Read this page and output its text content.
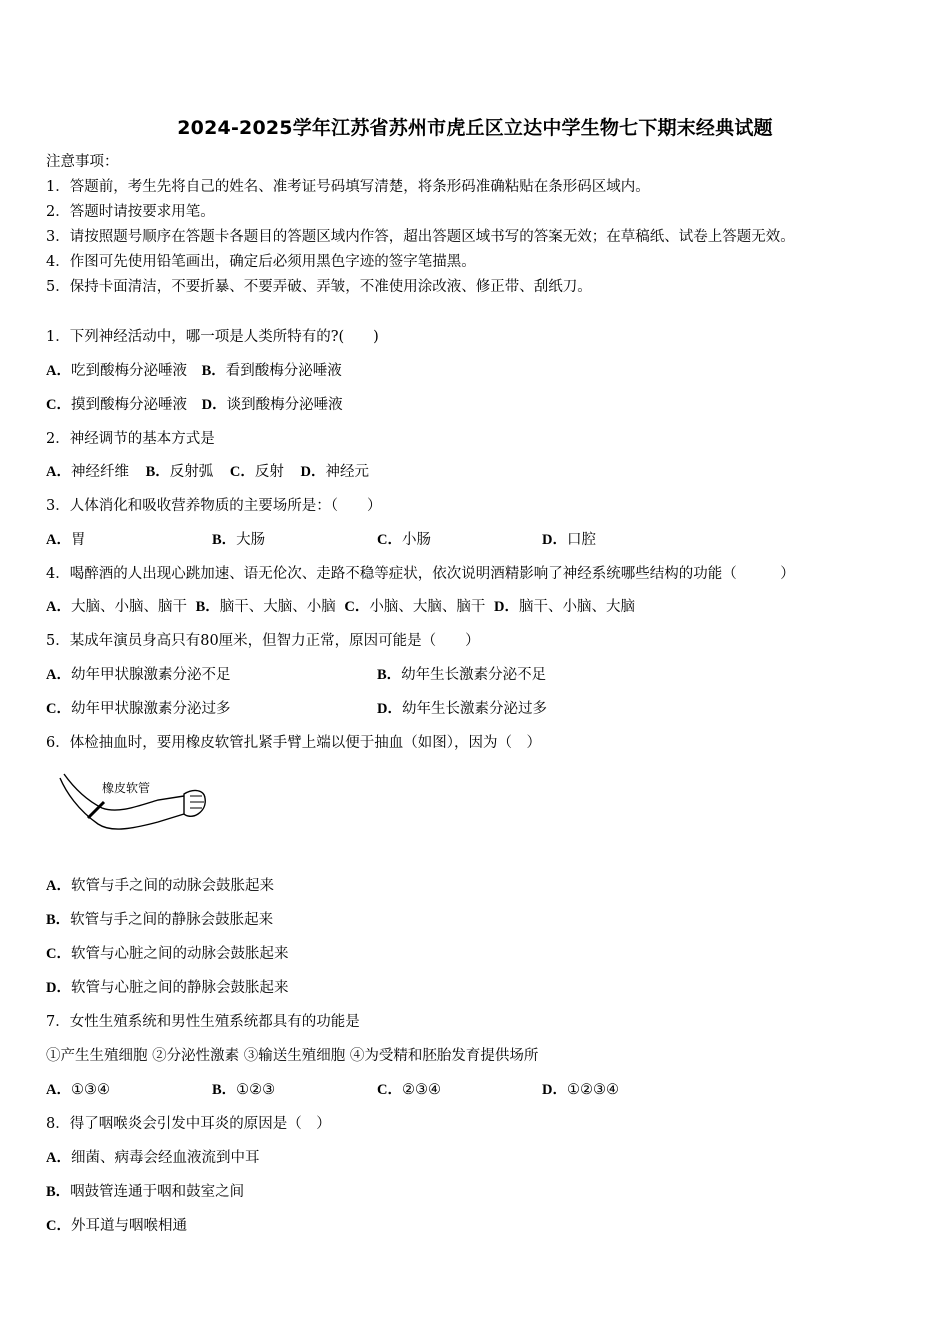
2024-2025学年江苏省苏州市虎丘区立达中学生物七下期末经典试题
注意事项：
1．答题前，考生先将自己的姓名、准考证号码填写清楚，将条形码准确粘贴在条形码区域内。
2．答题时请按要求用笔。
3．请按照题号顺序在答题卡各题目的答题区域内作答，超出答题区域书写的答案无效；在草稿纸、试卷上答题无效。
4．作图可先使用铅笔画出，确定后必须用黑色字迹的签字笔描黑。
5．保持卡面清洁，不要折暴、不要弄破、弄皱，不准使用涂改液、修正带、刮纸刀。
1．下列神经活动中，哪一项是人类所特有的?(　　)
A．吃到酸梅分泌唾液 B．看到酸梅分泌唾液
C．摸到酸梅分泌唾液 D．谈到酸梅分泌唾液
2．神经调节的基本方式是
A．神经纤维 B．反射弧 C．反射 D．神经元
3．人体消化和吸收营养物质的主要场所是：（　　）
A．胃	B．大肠	C．小肠	D．口腔
4．喝醉酒的人出现心跳加速、语无伦次、走路不稳等症状，依次说明酒精影响了神经系统哪些结构的功能（　　　）
A．大脑、小脑、脑干 B．脑干、大脑、小脑 C．小脑、大脑、脑干 D．脑干、小脑、大脑
5．某成年演员身高只有80厘米，但智力正常，原因可能是（　　）
A．幼年甲状腺激素分泌不足	B．幼年生长激素分泌不足
C．幼年甲状腺激素分泌过多	D．幼年生长激素分泌过多
6．体检抽血时，要用橡皮软管扎紧手臂上端以便于抽血（如图），因为（　）
橡皮软管
A．软管与手之间的动脉会鼓胀起来
B．软管与手之间的静脉会鼓胀起来
C．软管与心脏之间的动脉会鼓胀起来
D．软管与心脏之间的静脉会鼓胀起来
7．女性生殖系统和男性生殖系统都具有的功能是
①产生生殖细胞 ②分泌性激素 ③输送生殖细胞 ④为受精和胚胎发育提供场所
A．①③④	B．①②③	C．②③④	D．①②③④
8．得了咽喉炎会引发中耳炎的原因是（　）
A．细菌、病毒会经血液流到中耳
B．咽鼓管连通于咽和鼓室之间
C．外耳道与咽喉相通
